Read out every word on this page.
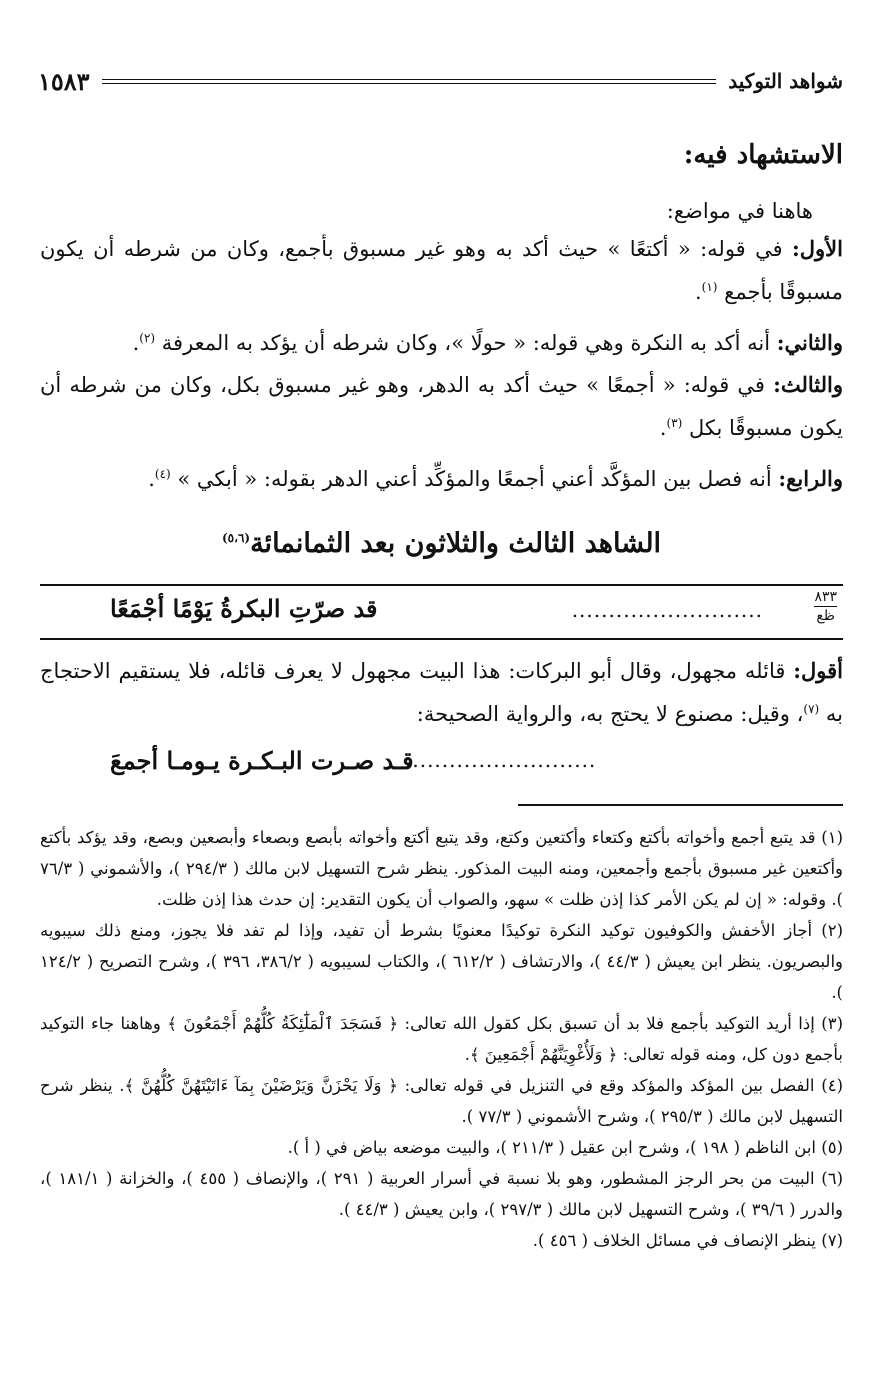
شواهد التوكيد
١٥٨٣
الاستشهاد فيه:

هاهنا في مواضع:

الأول: في قوله: « أكتعًا » حيث أكد به وهو غير مسبوق بأجمع، وكان من شرطه أن يكون مسبوقًا بأجمع $^{(١)}$.

والثاني: أنه أكد به النكرة وهي قوله: « حولًا »، وكان شرطه أن يؤكد به المعرفة $^{(٢)}$.

والثالث: في قوله: « أجمعًا » حيث أكد به الدهر، وهو غير مسبوق بكل، وكان من شرطه أن يكون مسبوقًا بكل $^{(٣)}$.

والرابع: أنه فصل بين المؤكَّد أعني أجمعًا والمؤكِّد أعني الدهر بقوله: « أبكي » $^{(٤)}$.

الشاهد الثالث والثلاثون بعد الثمانمائة$^{(٥،٦)}$
٨٣٣
ظع
..........................
قد صرّتِ البكرةُ يَوْمًا أجْمَعًا

أقول: قائله مجهول، وقال أبو البركات: هذا البيت مجهول لا يعرف قائله، فلا يستقيم الاحتجاج به $^{(٧)}$، وقيل: مصنوع لا يحتج به، والرواية الصحيحة:

..........................
قـد صـرت البـكـرة يـومـا أجمعَ

(١) قد يتبع أجمع وأخواته بأكتع وكتعاء وأكتعين وكتع، وقد يتبع أكتع وأخواته بأبصع وبصعاء وأبصعين وبصع، وقد يؤكد بأكتع وأكتعين غير مسبوق بأجمع وأجمعين، ومنه البيت المذكور. ينظر شرح التسهيل لابن مالك ( ٢٩٤/٣ )، والأشموني ( ٧٦/٣ ). وقوله: « إن لم يكن الأمر كذا إذن ظلت » سهو، والصواب أن يكون التقدير: إن حدث هذا إذن ظلت.

(٢) أجاز الأخفش والكوفيون توكيد النكرة توكيدًا معنويًا بشرط أن تفيد، وإذا لم تفد فلا يجوز، ومنع ذلك سيبويه والبصريون. ينظر ابن يعيش ( ٤٤/٣ )، والارتشاف ( ٦١٢/٢ )، والكتاب لسيبويه ( ٣٨٦/٢، ٣٩٦ )، وشرح التصريح ( ١٢٤/٢ ).

(٣) إذا أريد التوكيد بأجمع فلا بد أن تسبق بكل كقول الله تعالى: ﴿ فَسَجَدَ ٱلْمَلَٰٓئِكَةُ كُلُّهُمْ أَجْمَعُونَ ﴾ وهاهنا جاء التوكيد بأجمع دون كل، ومنه قوله تعالى: ﴿ وَلَأُغْوِيَنَّهُمْ أَجْمَعِينَ ﴾.

(٤) الفصل بين المؤكد والمؤكد وقع في التنزيل في قوله تعالى: ﴿ وَلَا يَحْزَنَّ وَيَرْضَيْنَ بِمَآ ءَاتَيْتَهُنَّ كُلُّهُنَّ ﴾. ينظر شرح التسهيل لابن مالك ( ٢٩٥/٣ )، وشرح الأشموني ( ٧٧/٣ ).

(٥) ابن الناظم ( ١٩٨ )، وشرح ابن عقيل ( ٢١١/٣ )، والبيت موضعه بياض في ( أ ).

(٦) البيت من بحر الرجز المشطور، وهو بلا نسبة في أسرار العربية ( ٢٩١ )، والإنصاف ( ٤٥٥ )، والخزانة ( ١٨١/١ )، والدرر ( ٣٩/٦ )، وشرح التسهيل لابن مالك ( ٢٩٧/٣ )، وابن يعيش ( ٤٤/٣ ).

(٧) ينظر الإنصاف في مسائل الخلاف ( ٤٥٦ ).
